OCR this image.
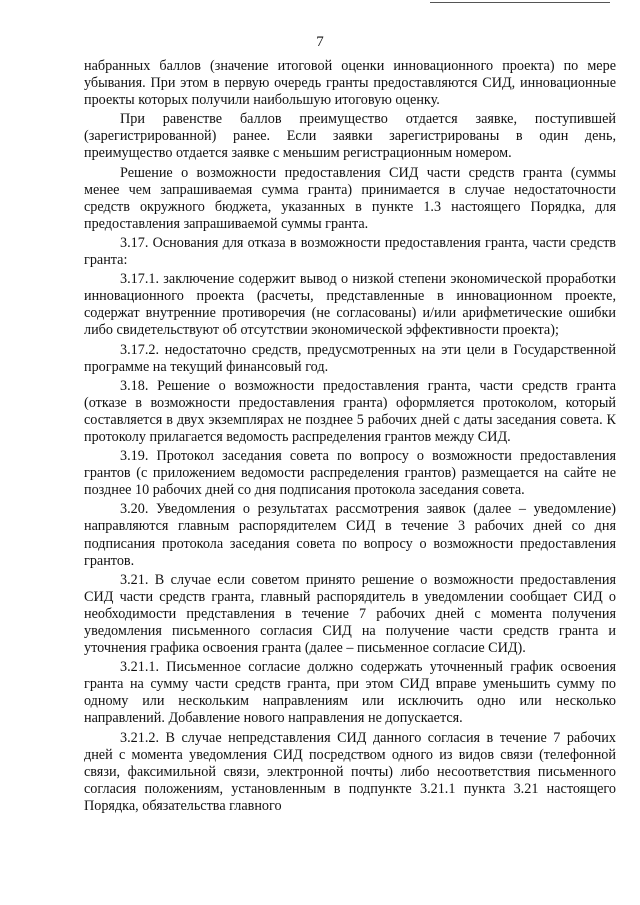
7

набранных баллов (значение итоговой оценки инновационного проекта) по мере убывания. При этом в первую очередь гранты предоставляются СИД, инновационные проекты которых получили наибольшую итоговую оценку.

При равенстве баллов преимущество отдается заявке, поступившей (зарегистрированной) ранее. Если заявки зарегистрированы в один день, преимущество отдается заявке с меньшим регистрационным номером.

Решение о возможности предоставления СИД части средств гранта (суммы менее чем запрашиваемая сумма гранта) принимается в случае недостаточности средств окружного бюджета, указанных в пункте 1.3 настоящего Порядка, для предоставления запрашиваемой суммы гранта.

3.17. Основания для отказа в возможности предоставления гранта, части средств гранта:

3.17.1. заключение содержит вывод о низкой степени экономической проработки инновационного проекта (расчеты, представленные в инновационном проекте, содержат внутренние противоречия (не согласованы) и/или арифметические ошибки либо свидетельствуют об отсутствии экономической эффективности проекта);

3.17.2. недостаточно средств, предусмотренных на эти цели в Государственной программе на текущий финансовый год.

3.18. Решение о возможности предоставления гранта, части средств гранта (отказе в возможности предоставления гранта) оформляется протоколом, который составляется в двух экземплярах не позднее 5 рабочих дней с даты заседания совета. К протоколу прилагается ведомость распределения грантов между СИД.

3.19. Протокол заседания совета по вопросу о возможности предоставления грантов (с приложением ведомости распределения грантов) размещается на сайте не позднее 10 рабочих дней со дня подписания протокола заседания совета.

3.20. Уведомления о результатах рассмотрения заявок (далее – уведомление) направляются главным распорядителем СИД в течение 3 рабочих дней со дня подписания протокола заседания совета по вопросу о возможности предоставления грантов.

3.21. В случае если советом принято решение о возможности предоставления СИД части средств гранта, главный распорядитель в уведомлении сообщает СИД о необходимости представления в течение 7 рабочих дней с момента получения уведомления письменного согласия СИД на получение части средств гранта и уточнения графика освоения гранта (далее – письменное согласие СИД).

3.21.1. Письменное согласие должно содержать уточненный график освоения гранта на сумму части средств гранта, при этом СИД вправе уменьшить сумму по одному или нескольким направлениям или исключить одно или несколько направлений. Добавление нового направления не допускается.

3.21.2. В случае непредставления СИД данного согласия в течение 7 рабочих дней с момента уведомления СИД посредством одного из видов связи (телефонной связи, факсимильной связи, электронной почты) либо несоответствия письменного согласия положениям, установленным в подпункте 3.21.1 пункта 3.21 настоящего Порядка, обязательства главного
